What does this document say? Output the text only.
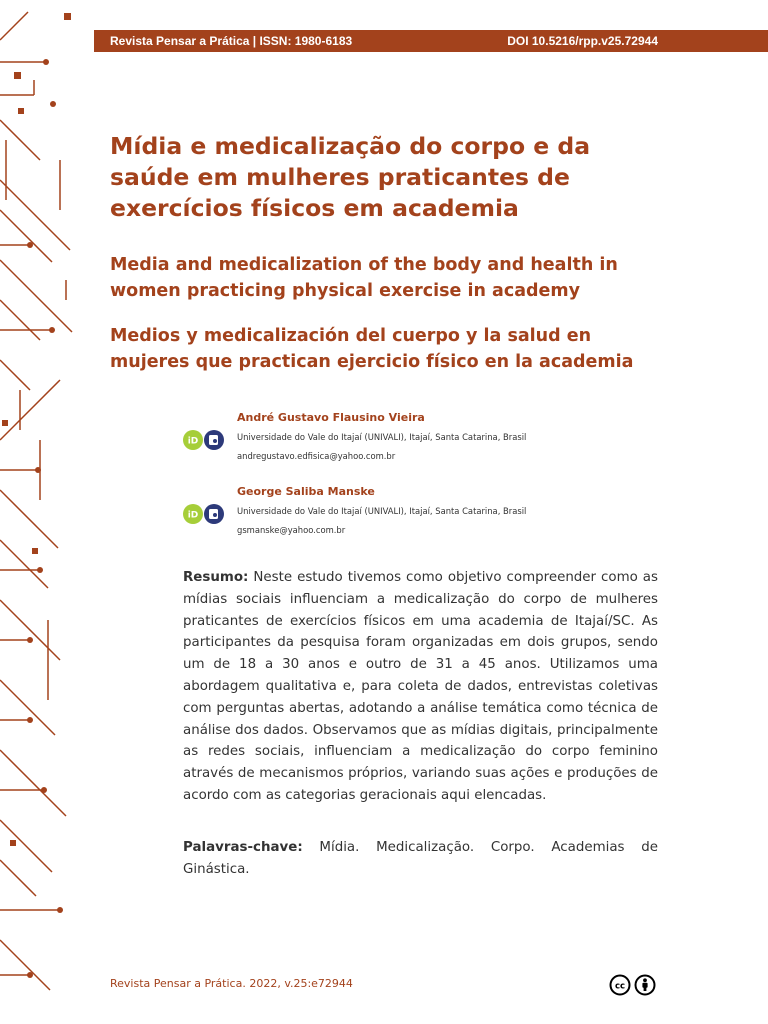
Revista Pensar a Prática | ISSN: 1980-6183	DOI 10.5216/rpp.v25.72944
Mídia e medicalização do corpo e da saúde em mulheres praticantes de exercícios físicos em academia
Media and medicalization of the body and health in women practicing physical exercise in academy
Medios y medicalización del cuerpo y la salud en mujeres que practican ejercicio físico en la academia
iD
André Gustavo Flausino Vieira
Universidade do Vale do Itajaí (UNIVALI), Itajaí, Santa Catarina, Brasil
andregustavo.edfisica@yahoo.com.br
iD
George Saliba Manske
Universidade do Vale do Itajaí (UNIVALI), Itajaí, Santa Catarina, Brasil
gsmanske@yahoo.com.br

Resumo: Neste estudo tivemos como objetivo compreender como as mídias sociais influenciam a medicalização do corpo de mulheres praticantes de exercícios físicos em uma academia de Itajaí/SC. As participantes da pesquisa foram organizadas em dois grupos, sendo um de 18 a 30 anos e outro de 31 a 45 anos. Utilizamos uma abordagem qualitativa e, para coleta de dados, entrevistas coletivas com perguntas abertas, adotando a análise temática como técnica de análise dos dados. Observamos que as mídias digitais, principalmente as redes sociais, influenciam a medicalização do corpo feminino através de mecanismos próprios, variando suas ações e produções de acordo com as categorias geracionais aqui elencadas.

Palavras-chave: Mídia. Medicalização. Corpo. Academias de Ginástica.

Revista Pensar a Prática. 2022, v.25:e72944	cc
